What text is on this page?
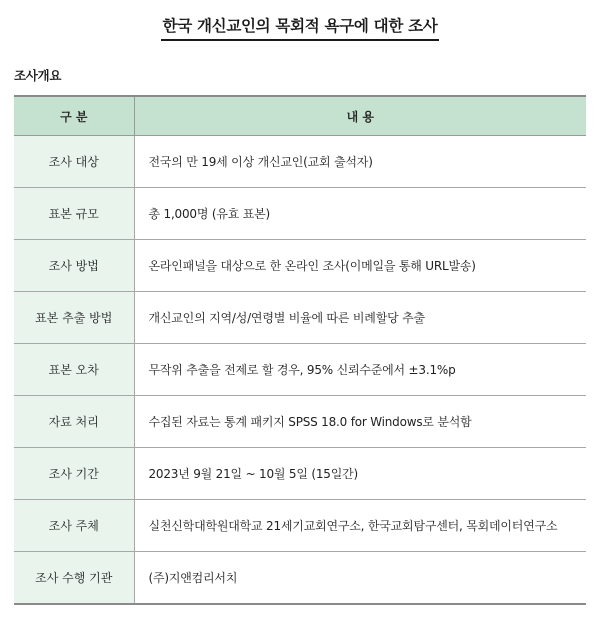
한국 개신교인의 목회적 욕구에 대한 조사
조사개요
구 분	내 용
조사 대상	전국의 만 19세 이상 개신교인(교회 출석자)
표본 규모	총 1,000명 (유효 표본)
조사 방법	온라인패널을 대상으로 한 온라인 조사(이메일을 통해 URL발송)
표본 추출 방법	개신교인의 지역/성/연령별 비율에 따른 비례할당 추출
표본 오차	무작위 추출을 전제로 할 경우, 95% 신뢰수준에서 ±3.1%p
자료 처리	수집된 자료는 통계 패키지 SPSS 18.0 for Windows로 분석함
조사 기간	2023년 9월 21일 ~ 10월 5일 (15일간)
조사 주체	실천신학대학원대학교 21세기교회연구소, 한국교회탐구센터, 목회데이터연구소
조사 수행 기관	(주)지앤컴리서치
